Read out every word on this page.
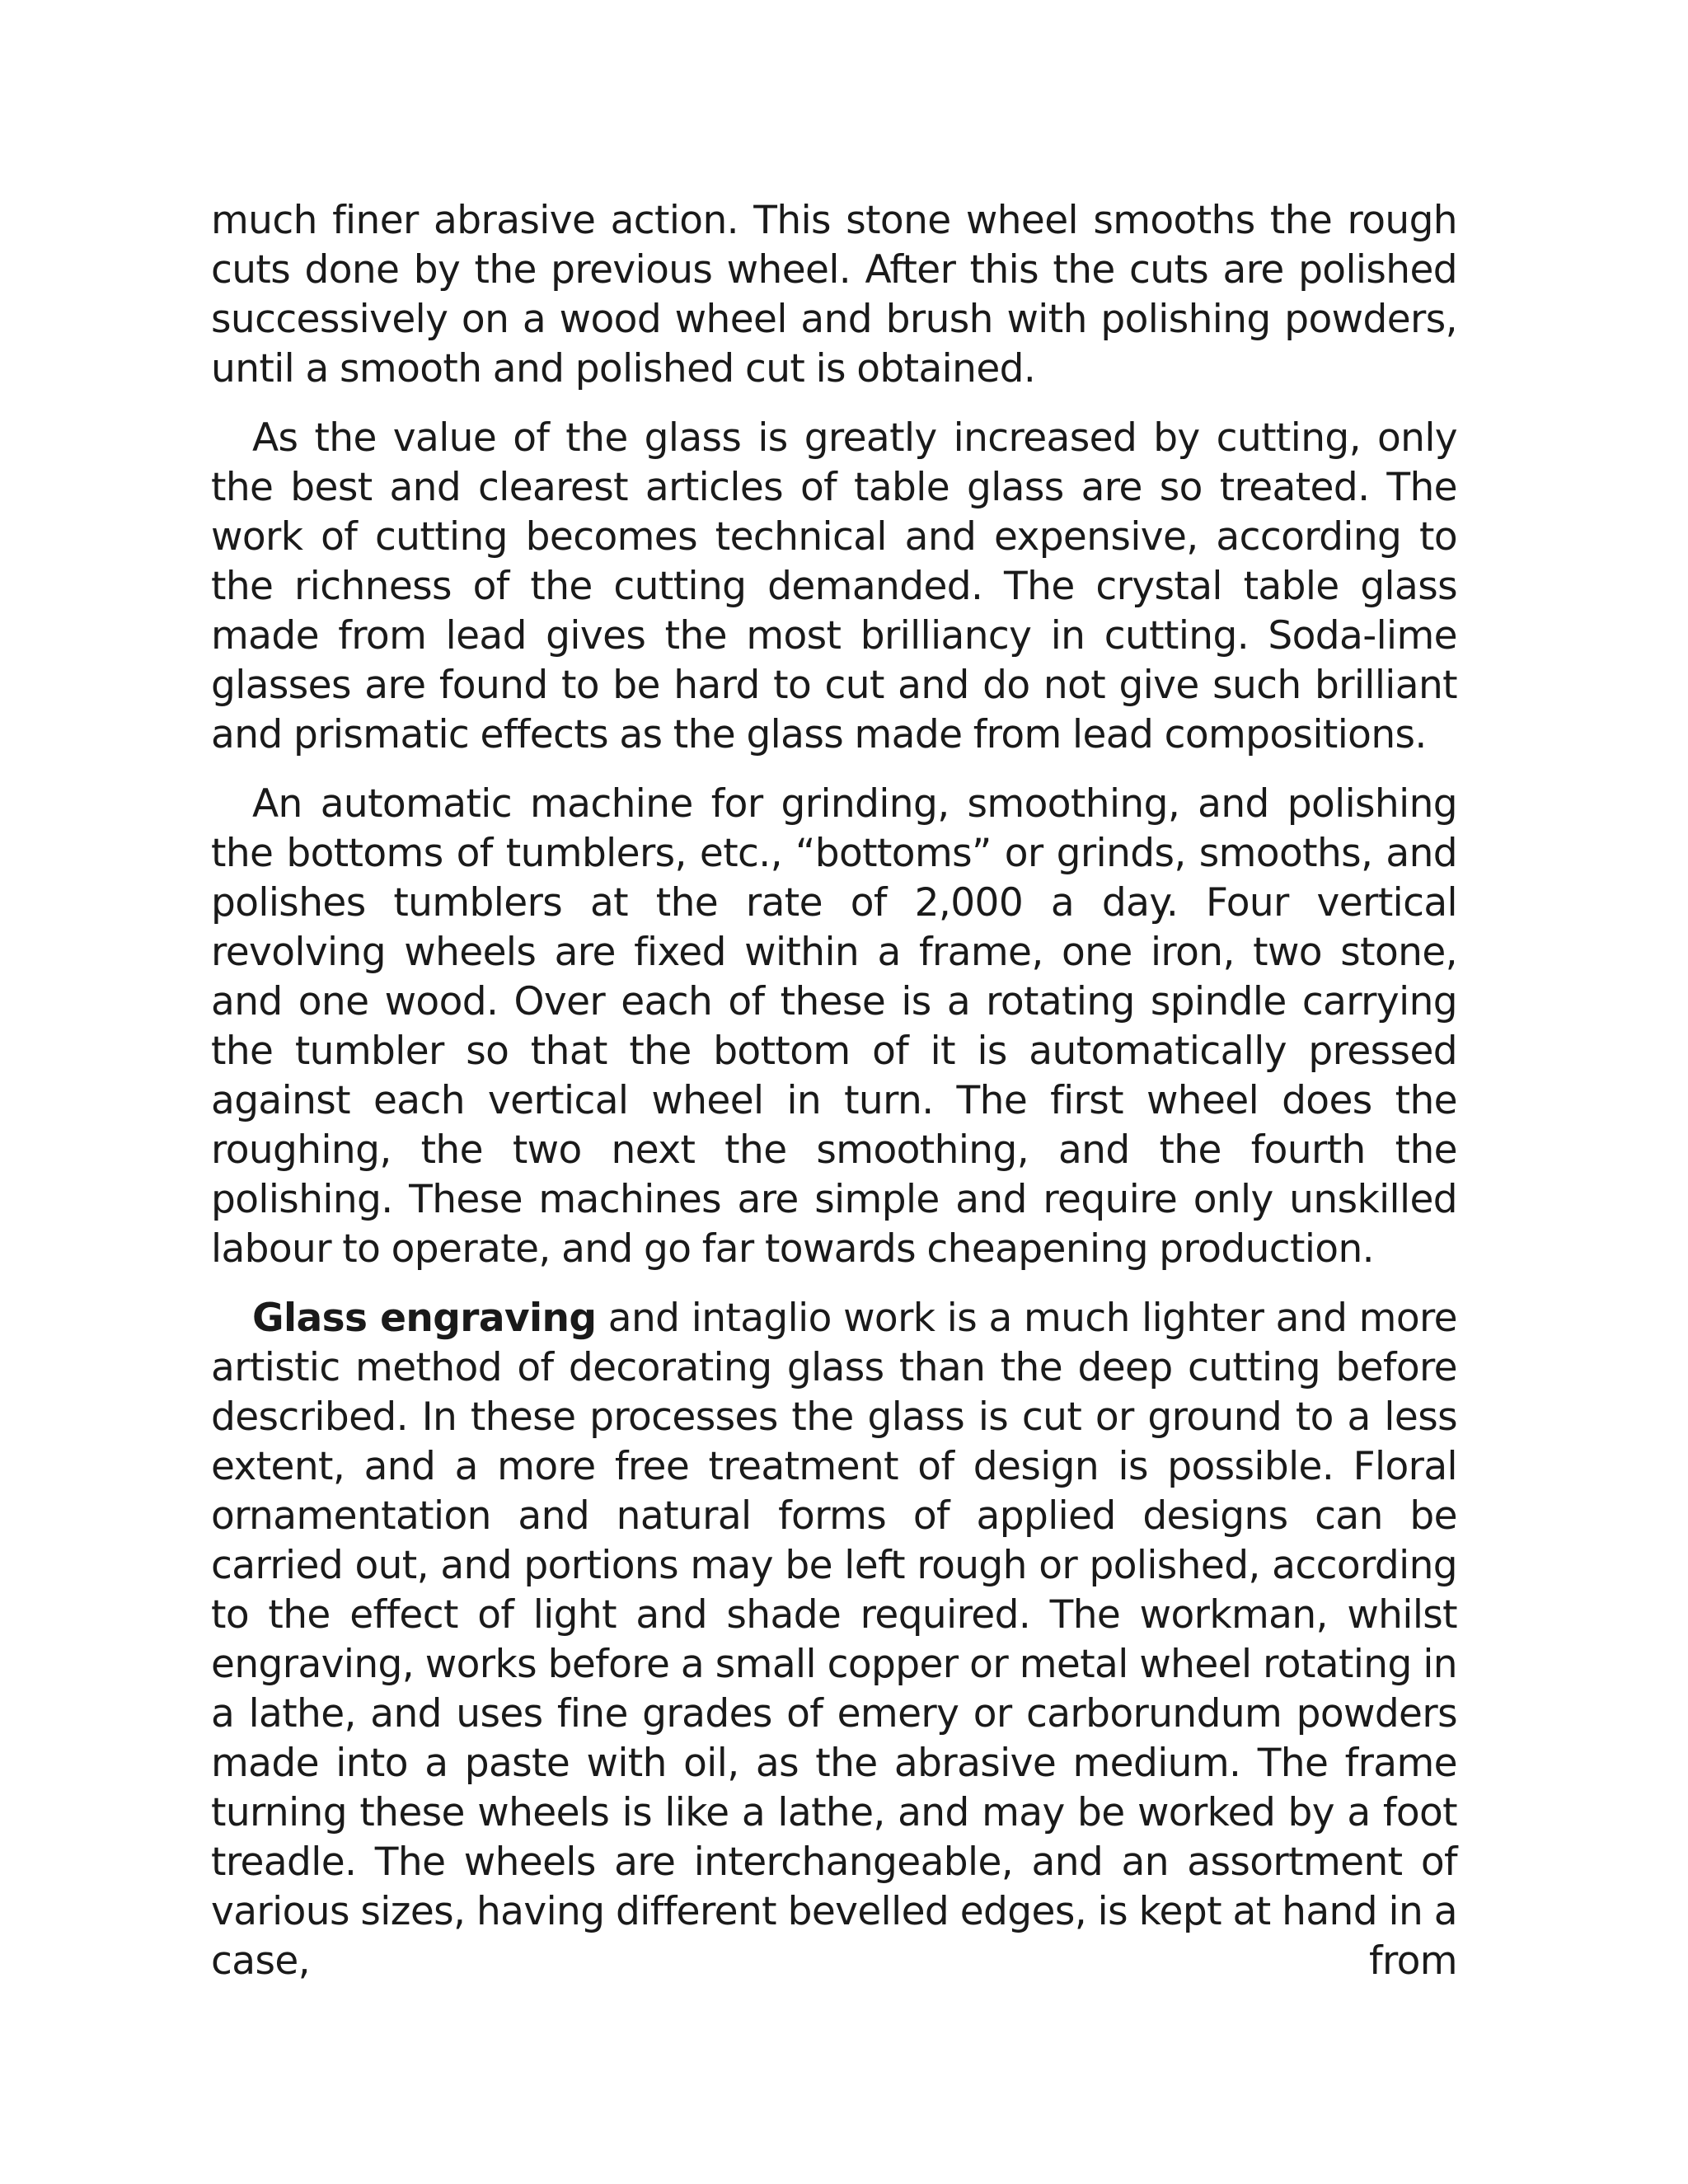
much finer abrasive action. This stone wheel smooths the rough cuts done by the previous wheel. After this the cuts are polished successively on a wood wheel and brush with polishing powders, until a smooth and polished cut is obtained.

As the value of the glass is greatly increased by cutting, only the best and clearest articles of table glass are so treated. The work of cutting becomes technical and expensive, according to the richness of the cutting demanded. The crystal table glass made from lead gives the most brilliancy in cutting. Soda-lime glasses are found to be hard to cut and do not give such brilliant and prismatic effects as the glass made from lead compositions.

An automatic machine for grinding, smoothing, and polishing the bottoms of tumblers, etc., “bottoms” or grinds, smooths, and polishes tumblers at the rate of 2,000 a day. Four vertical revolving wheels are fixed within a frame, one iron, two stone, and one wood. Over each of these is a rotating spindle carrying the tumbler so that the bottom of it is automatically pressed against each vertical wheel in turn. The first wheel does the roughing, the two next the smoothing, and the fourth the polishing. These machines are simple and require only unskilled labour to operate, and go far towards cheapening production.

Glass engraving and intaglio work is a much lighter and more artistic method of decorating glass than the deep cutting before described. In these processes the glass is cut or ground to a less extent, and a more free treatment of design is possible. Floral ornamentation and natural forms of applied designs can be carried out, and portions may be left rough or polished, according to the effect of light and shade required. The workman, whilst engraving, works before a small copper or metal wheel rotating in a lathe, and uses fine grades of emery or carborundum powders made into a paste with oil, as the abrasive medium. The frame turning these wheels is like a lathe, and may be worked by a foot treadle. The wheels are interchangeable, and an assortment of various sizes, having different bevelled edges, is kept at hand in a case, from
